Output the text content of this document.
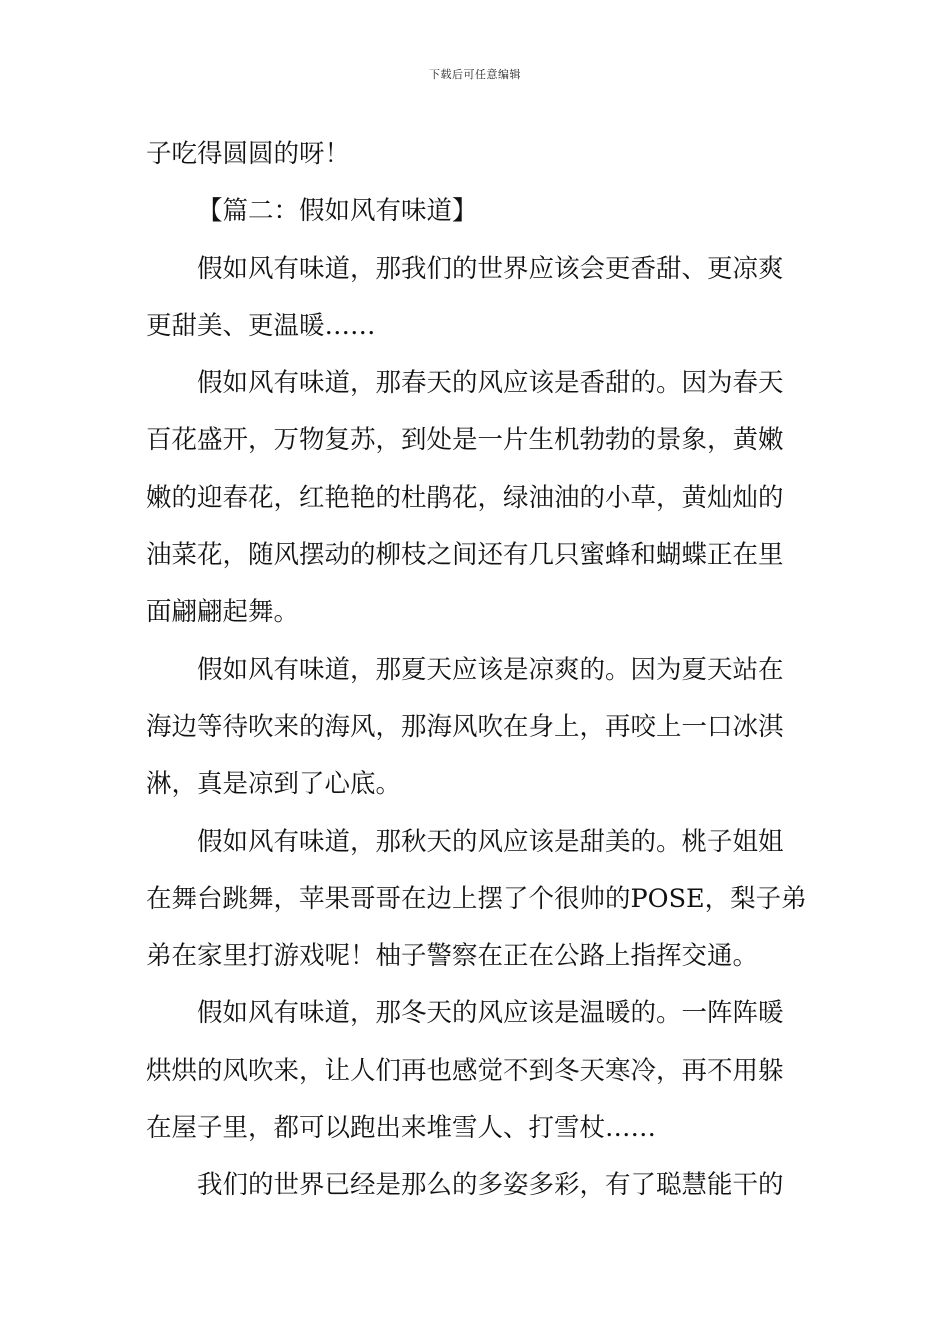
下载后可任意编辑
子吃得圆圆的呀！
【篇二：假如风有味道】
假如风有味道，那我们的世界应该会更香甜、更凉爽
更甜美、更温暖……
假如风有味道，那春天的风应该是香甜的。因为春天
百花盛开，万物复苏，到处是一片生机勃勃的景象，黄嫩
嫩的迎春花，红艳艳的杜鹃花，绿油油的小草，黄灿灿的
油菜花，随风摆动的柳枝之间还有几只蜜蜂和蝴蝶正在里
面翩翩起舞。
假如风有味道，那夏天应该是凉爽的。因为夏天站在
海边等待吹来的海风，那海风吹在身上，再咬上一口冰淇
淋，真是凉到了心底。
假如风有味道，那秋天的风应该是甜美的。桃子姐姐
在舞台跳舞，苹果哥哥在边上摆了个很帅的POSE，梨子弟
弟在家里打游戏呢！柚子警察在正在公路上指挥交通。
假如风有味道，那冬天的风应该是温暖的。一阵阵暖
烘烘的风吹来，让人们再也感觉不到冬天寒冷，再不用躲
在屋子里，都可以跑出来堆雪人、打雪杖……
我们的世界已经是那么的多姿多彩，有了聪慧能干的
